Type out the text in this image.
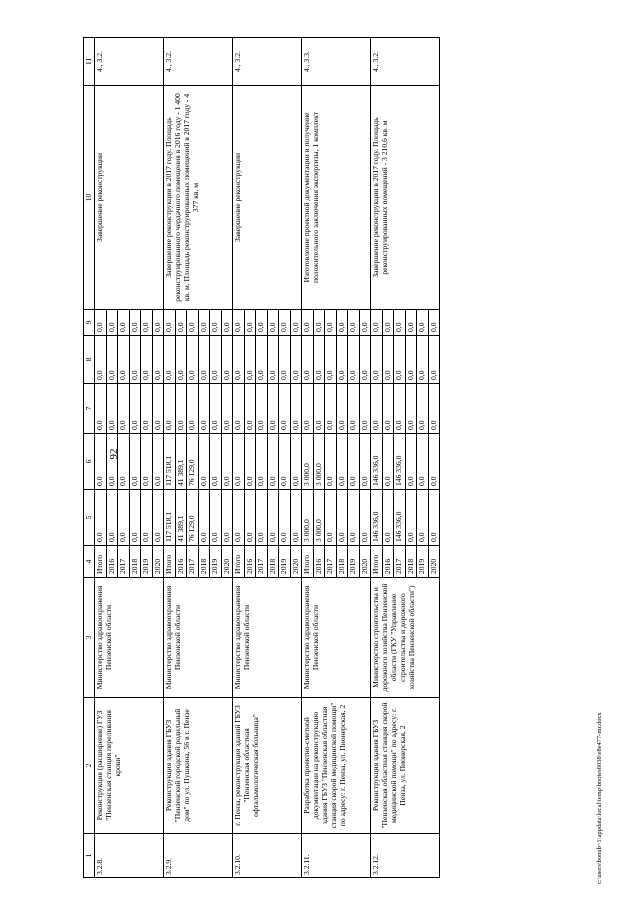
92
1	2	3	4	5	6	7	8	9	10	11
3.2.8.	Реконструкция (расширение) ГУЗ "Пензенская станция переливания крови"	Министерство здравоохранения Пензенской области	Итого	0,0	0,0	0,0	0,0	0,0	Завершение реконструкции	4., 3.2.
			2016	0,0	0,0	0,0	0,0	0,0		
			2017	0,0	0,0	0,0	0,0	0,0		
			2018	0,0	0,0	0,0	0,0	0,0		
			2019	0,0	0,0	0,0	0,0	0,0		
			2020	0,0	0,0	0,0	0,0	0,0		
3.2.9.	Реконструкция здания ГБУЗ "Пензенский городской родильный дом" по ул. Пушкина, 56 в г. Пензе	Министерство здравоохранения Пензенской области	Итого	117 518,1	117 518,1	0,0	0,0	0,0	Завершение реконструкции в 2017 году. Площадь реконструированного чердачного помещения в 2016 году - 1 400 кв. м. Площадь реконструированных помещений в 2017 году - 4 377 кв. м	4., 3.2.
			2016	41 389,1	41 389,1	0,0	0,0	0,0		
			2017	76 129,0	76 129,0	0,0	0,0	0,0		
			2018	0,0	0,0	0,0	0,0	0,0		
			2019	0,0	0,0	0,0	0,0	0,0		
			2020	0,0	0,0	0,0	0,0	0,0		
3.2.10.	г. Пенза, реконструкция зданий ГБУЗ "Пензенская областная офтальмологическая больница"	Министерство здравоохранения Пензенской области	Итого	0,0	0,0	0,0	0,0	0,0	Завершение реконструкции	4., 3.2.
			2016	0,0	0,0	0,0	0,0	0,0		
			2017	0,0	0,0	0,0	0,0	0,0		
			2018	0,0	0,0	0,0	0,0	0,0		
			2019	0,0	0,0	0,0	0,0	0,0		
			2020	0,0	0,0	0,0	0,0	0,0		
3.2.11.	Разработка проектно-сметной документации на реконструкцию здания ГБУЗ "Пензенская областная станция скорой медицинской помощи" по адресу: г. Пенза, ул. Пионерская, 2	Министерство здравоохранения Пензенской области	Итого	3 000,0	3 000,0	0,0	0,0	0,0	Изготовление проектной документации и получение положительного заключения экспертизы, 1 комплект	4., 3.3.
			2016	3 000,0	3 000,0	0,0	0,0	0,0		
			2017	0,0	0,0	0,0	0,0	0,0		
			2018	0,0	0,0	0,0	0,0	0,0		
			2019	0,0	0,0	0,0	0,0	0,0		
			2020	0,0	0,0	0,0	0,0	0,0		
3.2.12.	Реконструкция здания ГБУЗ "Пензенская областная станция скорой медицинской помощи" по адресу: г. Пенза, ул. Пионерская, 2	Министерство строительства и дорожного хозяйства Пензенской области (ГКУ "Управление строительства и дорожного хозяйства Пензенской области")	Итого	146 336,0	146 336,0	0,0	0,0	0,0	Завершение реконструкции в 2017 году. Площадь реконструированных помещений - 3 210,6 кв. м	4., 3.2.
			2016	0,0	0,0	0,0	0,0	0,0		
			2017	146 336,0	146 336,0	0,0	0,0	0,0		
			2018	0,0	0,0	0,0	0,0	0,0		
			2019	0,0	0,0	0,0	0,0	0,0		
			2020	0,0	0,0	0,0	0,0	0,0		
c:\users\bonub~1\appdata\local\temp\bnotes6038\e8e477-mr.docx
